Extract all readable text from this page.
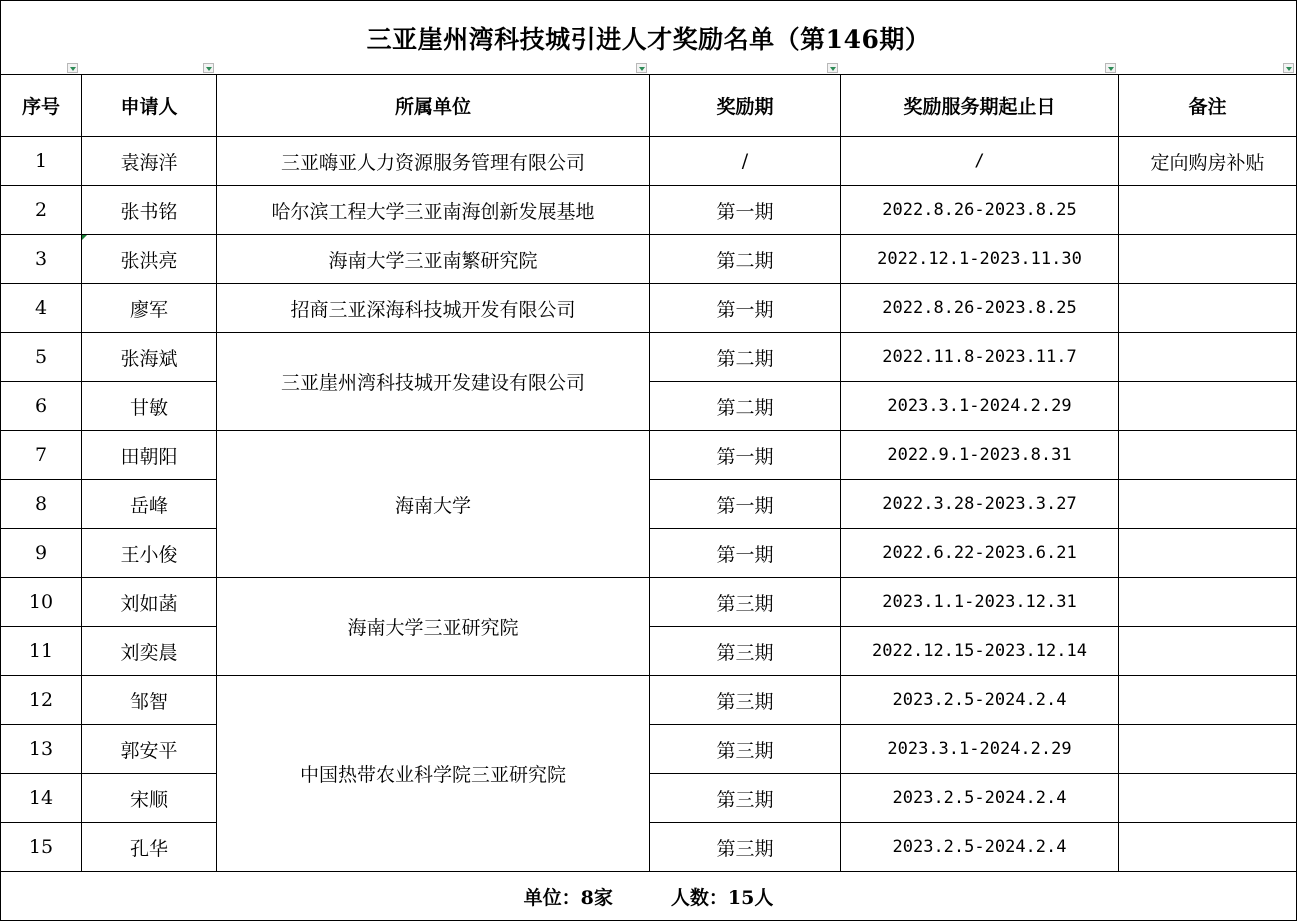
三亚崖州湾科技城引进人才奖励名单（第146期）					

序号	申请人	所属单位	奖励期	奖励服务期起止日	备注
1	袁海洋	三亚嗨亚人力资源服务管理有限公司	/	/	定向购房补贴
2	张书铭	哈尔滨工程大学三亚南海创新发展基地	第一期	2022.8.26-2023.8.25	
3	张洪亮	海南大学三亚南繁研究院	第二期	2022.12.1-2023.11.30	
4	廖军	招商三亚深海科技城开发有限公司	第一期	2022.8.26-2023.8.25	
5	张海斌	三亚崖州湾科技城开发建设有限公司	第二期	2022.11.8-2023.11.7	
6	甘敏		第二期	2023.3.1-2024.2.29	
7	田朝阳	海南大学	第一期	2022.9.1-2023.8.31	
8	岳峰		第一期	2022.3.28-2023.3.27	
9	王小俊		第一期	2022.6.22-2023.6.21	
10	刘如菡	海南大学三亚研究院	第三期	2023.1.1-2023.12.31	
11	刘奕晨		第三期	2022.12.15-2023.12.14	
12	邹智	中国热带农业科学院三亚研究院	第三期	2023.2.5-2024.2.4	
13	郭安平		第三期	2023.3.1-2024.2.29	
14	宋顺		第三期	2023.2.5-2024.2.4	
15	孔华		第三期	2023.2.5-2024.2.4	
单位：8家 人数：15人					
